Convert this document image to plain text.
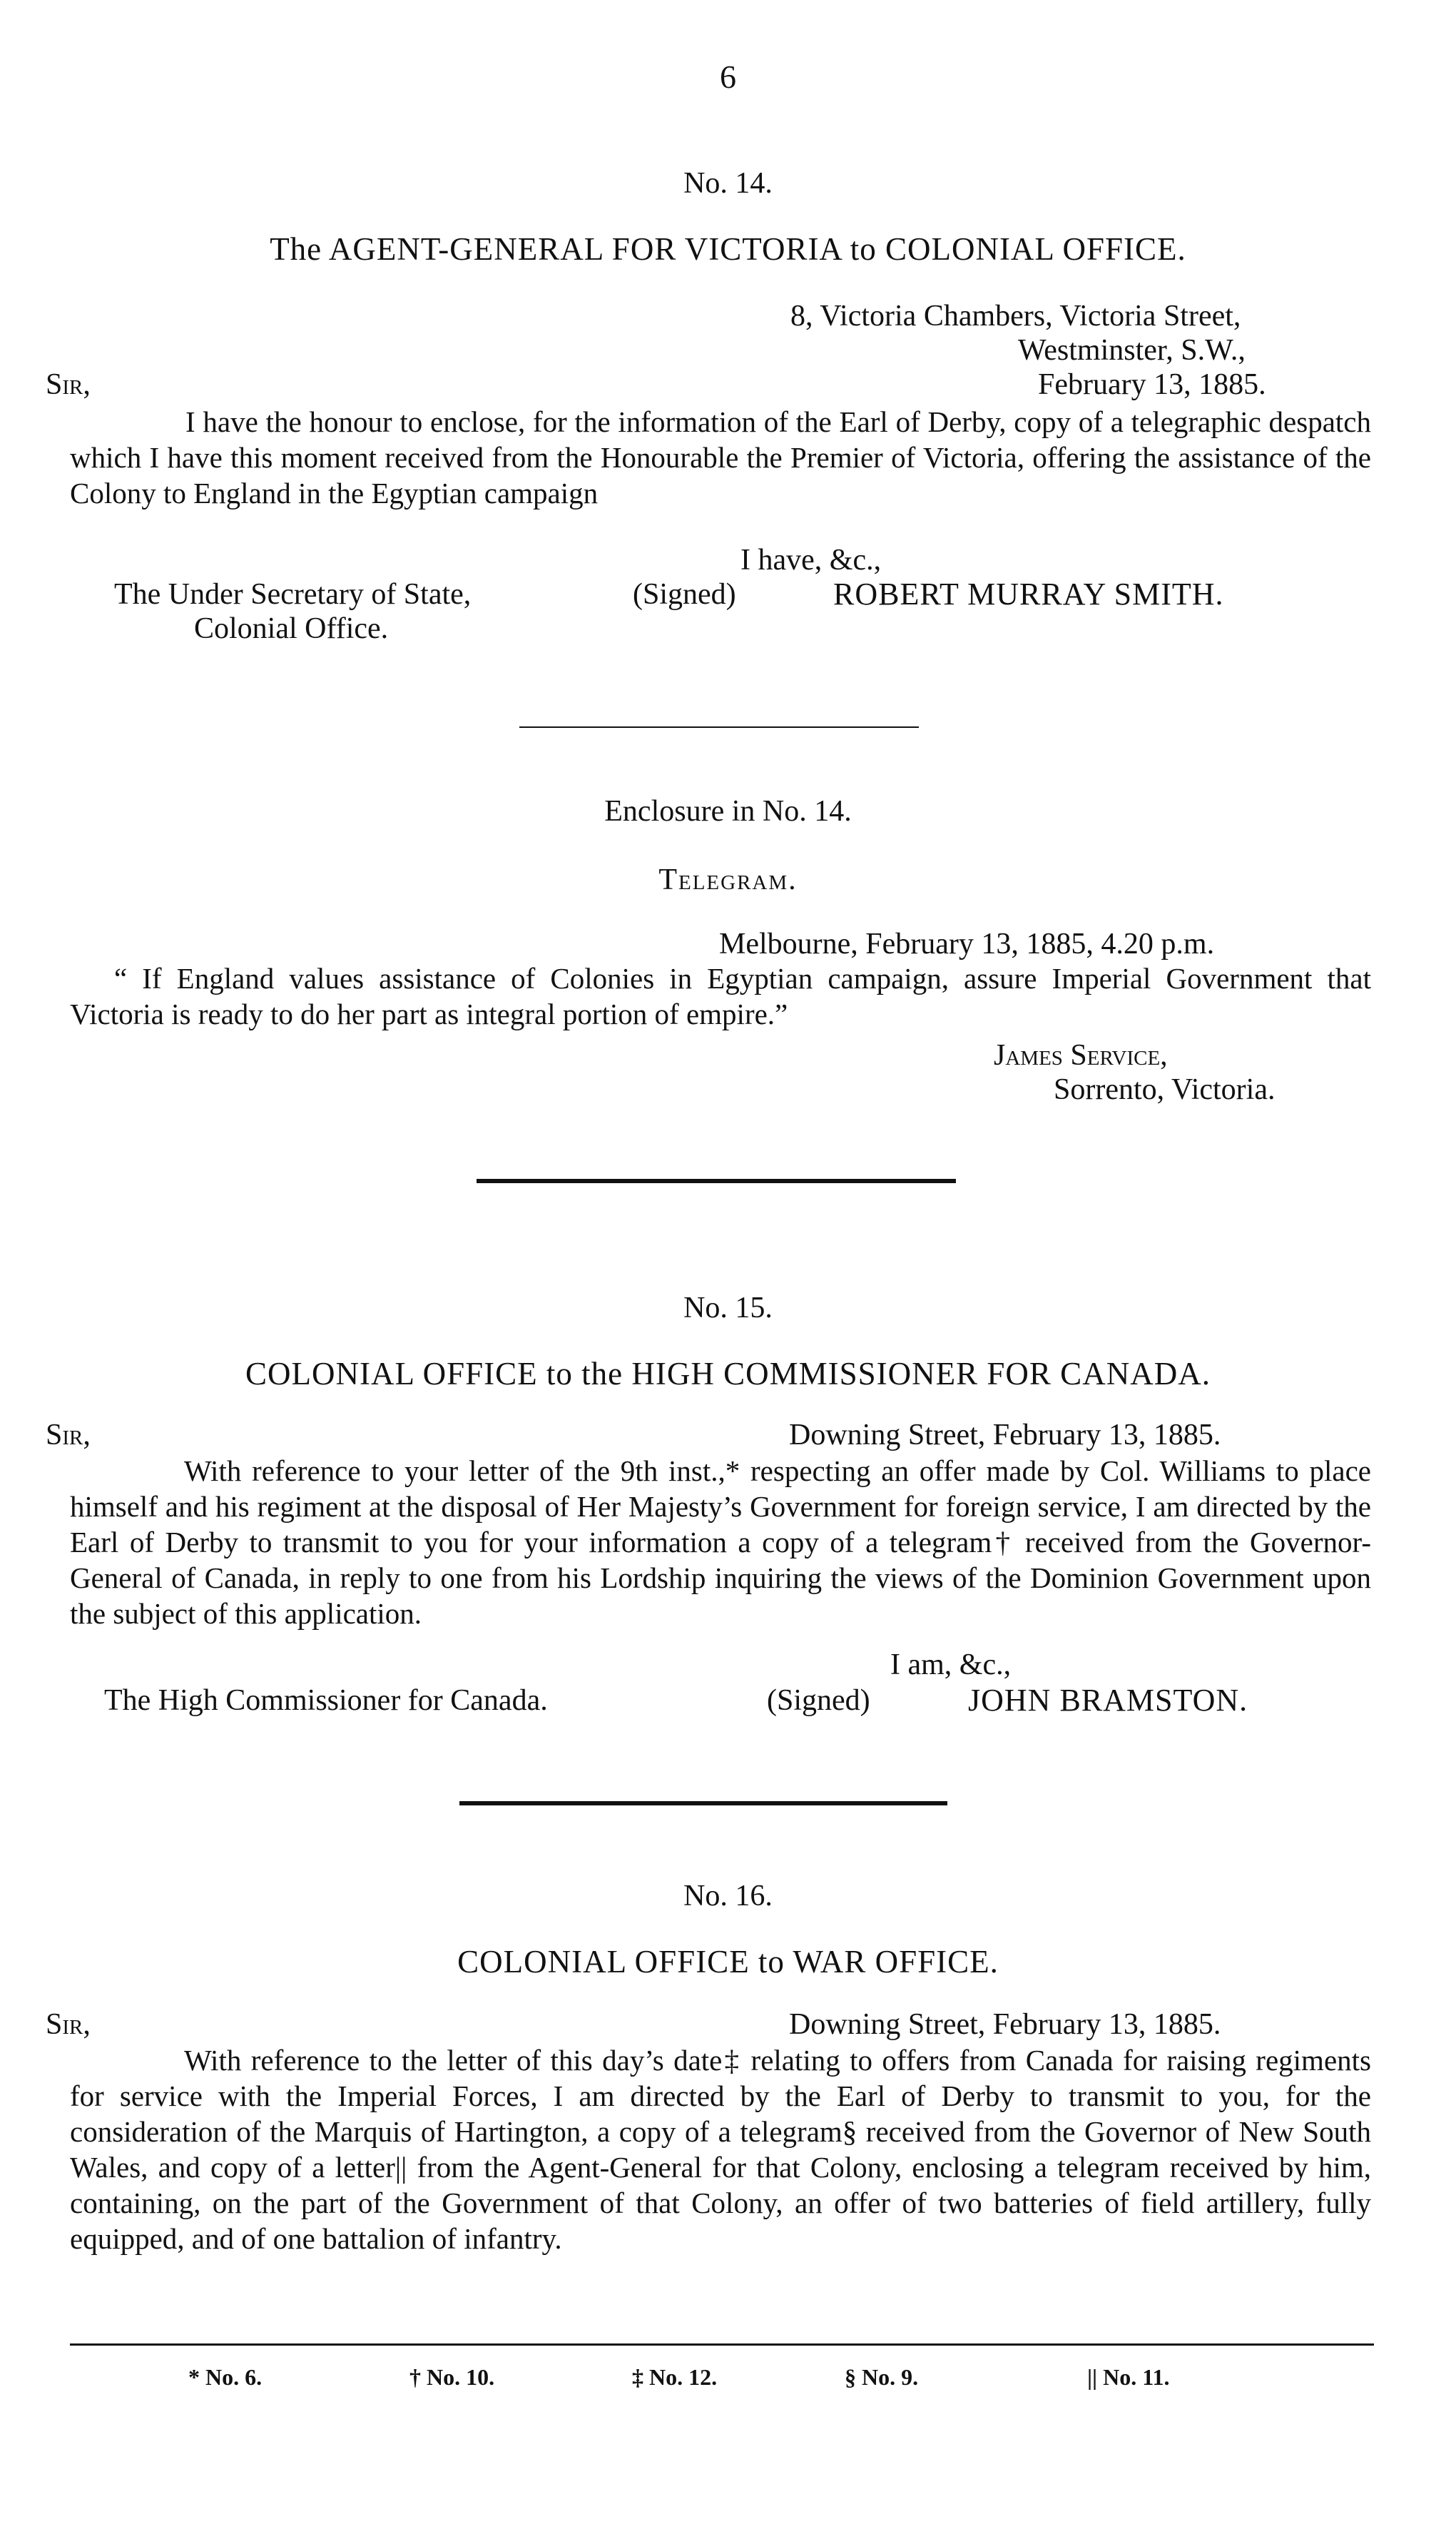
6
No. 14.
The AGENT-GENERAL FOR VICTORIA to COLONIAL OFFICE.
8, Victoria Chambers, Victoria Street,
Westminster, S.W.,
Sir,	February 13, 1885.
I have the honour to enclose, for the information of the Earl of Derby, copy of a telegraphic despatch which I have this moment received from the Honourable the Premier of Victoria, offering the assistance of the Colony to England in the Egyptian campaign
I have, &c.,
The Under Secretary of State,	(Signed)	ROBERT MURRAY SMITH.
Colonial Office.
Enclosure in No. 14.
Telegram.
Melbourne, February 13, 1885, 4.20 p.m.
“ If England values assistance of Colonies in Egyptian campaign, assure Imperial Government that Victoria is ready to do her part as integral portion of empire.”
James Service,
Sorrento, Victoria.
No. 15.
COLONIAL OFFICE to the HIGH COMMISSIONER FOR CANADA.
Sir,	Downing Street, February 13, 1885.
With reference to your letter of the 9th inst.,* respecting an offer made by Col. Williams to place himself and his regiment at the disposal of Her Majesty’s Government for foreign service, I am directed by the Earl of Derby to transmit to you for your information a copy of a telegram† received from the Governor-General of Canada, in reply to one from his Lordship inquiring the views of the Dominion Government upon the subject of this application.
I am, &c.,
The High Commissioner for Canada.	(Signed)	JOHN BRAMSTON.
No. 16.
COLONIAL OFFICE to WAR OFFICE.
Sir,	Downing Street, February 13, 1885.
With reference to the letter of this day’s date‡ relating to offers from Canada for raising regiments for service with the Imperial Forces, I am directed by the Earl of Derby to transmit to you, for the consideration of the Marquis of Hartington, a copy of a telegram§ received from the Governor of New South Wales, and copy of a letter|| from the Agent-General for that Colony, enclosing a telegram received by him, containing, on the part of the Government of that Colony, an offer of two batteries of field artillery, fully equipped, and of one battalion of infantry.
* No. 6.	† No. 10.	‡ No. 12.	§ No. 9.	|| No. 11.
